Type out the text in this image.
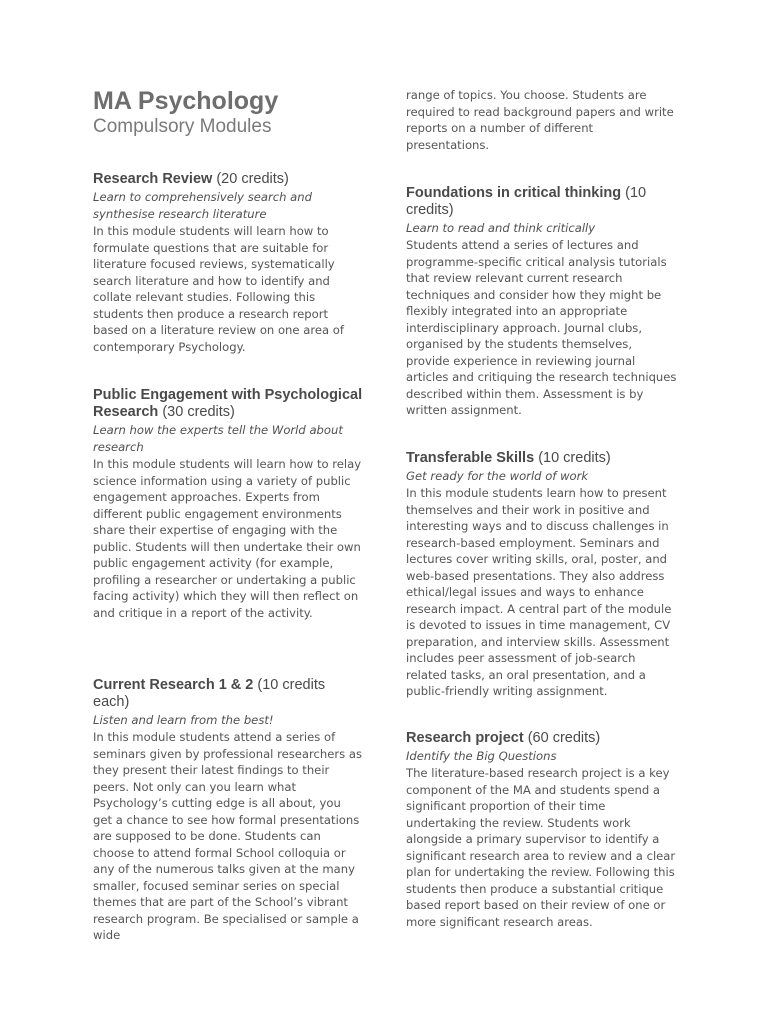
MA Psychology
Compulsory Modules

Research Review (20 credits)

Learn to comprehensively search and synthesise research literature

In this module students will learn how to formulate questions that are suitable for literature focused reviews, systematically search literature and how to identify and collate relevant studies. Following this students then produce a research report based on a literature review on one area of contemporary Psychology.

Public Engagement with Psychological Research (30 credits)

Learn how the experts tell the World about research

In this module students will learn how to relay science information using a variety of public engagement approaches. Experts from different public engagement environments share their expertise of engaging with the public. Students will then undertake their own public engagement activity (for example, profiling a researcher or undertaking a public facing activity) which they will then reflect on and critique in a report of the activity.

Current Research 1 & 2 (10 credits each)

Listen and learn from the best!

In this module students attend a series of seminars given by professional researchers as they present their latest findings to their peers. Not only can you learn what Psychology’s cutting edge is all about, you get a chance to see how formal presentations are supposed to be done. Students can choose to attend formal School colloquia or any of the numerous talks given at the many smaller, focused seminar series on special themes that are part of the School’s vibrant research program. Be specialised or sample a wide

range of topics. You choose. Students are required to read background papers and write reports on a number of different presentations.

Foundations in critical thinking (10 credits)

Learn to read and think critically

Students attend a series of lectures and programme-specific critical analysis tutorials that review relevant current research techniques and consider how they might be flexibly integrated into an appropriate interdisciplinary approach. Journal clubs, organised by the students themselves, provide experience in reviewing journal articles and critiquing the research techniques described within them. Assessment is by written assignment.

Transferable Skills (10 credits)

Get ready for the world of work

In this module students learn how to present themselves and their work in positive and interesting ways and to discuss challenges in research-based employment. Seminars and lectures cover writing skills, oral, poster, and web-based presentations. They also address ethical/legal issues and ways to enhance research impact. A central part of the module is devoted to issues in time management, CV preparation, and interview skills. Assessment includes peer assessment of job-search related tasks, an oral presentation, and a public-friendly writing assignment.

Research project (60 credits)

Identify the Big Questions

The literature-based research project is a key component of the MA and students spend a significant proportion of their time undertaking the review. Students work alongside a primary supervisor to identify a significant research area to review and a clear plan for undertaking the review. Following this students then produce a substantial critique based report based on their review of one or more significant research areas.
